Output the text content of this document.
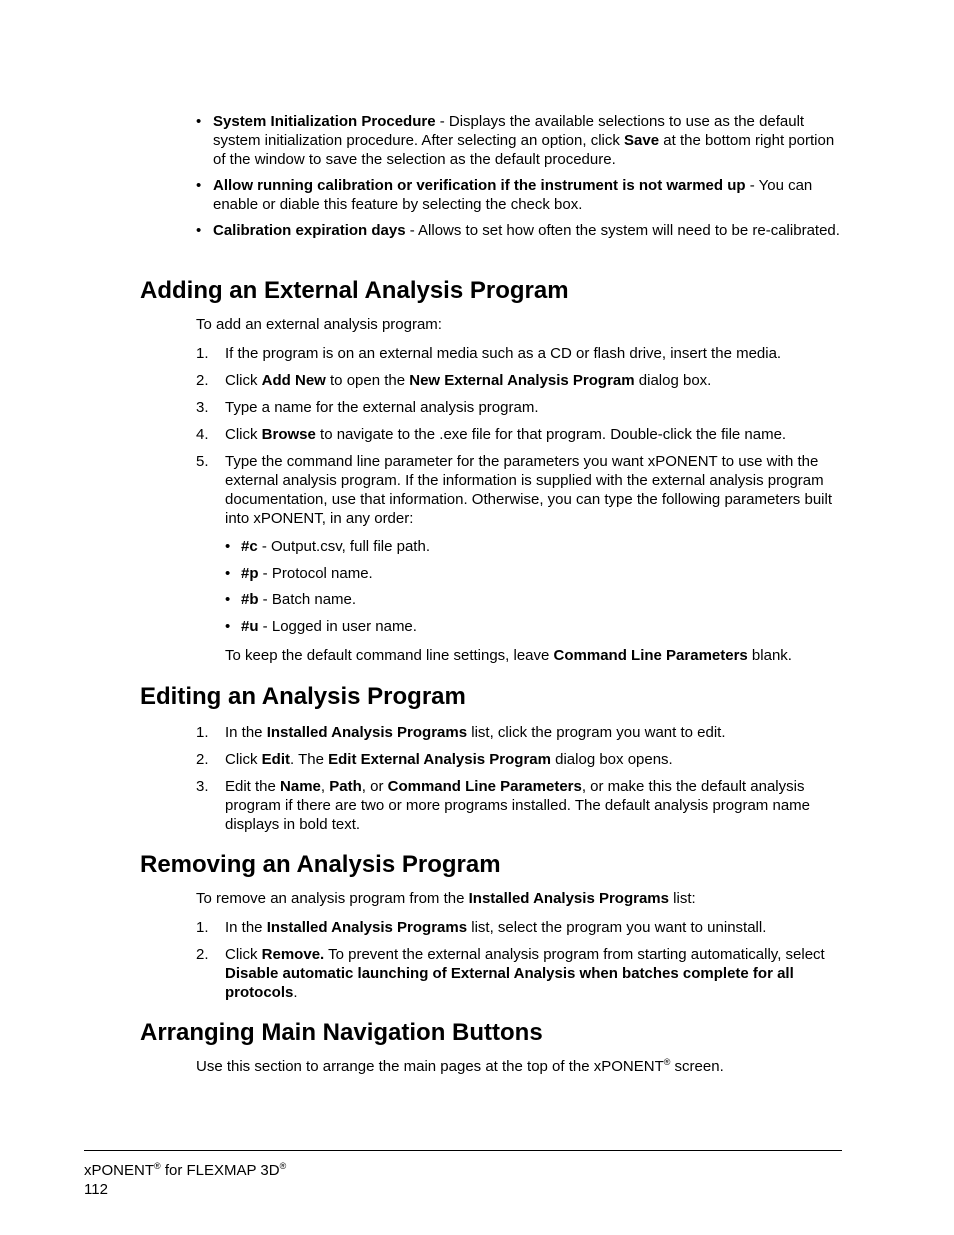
• System Initialization Procedure - Displays the available selections to use as the default system initialization procedure. After selecting an option, click Save at the bottom right portion of the window to save the selection as the default procedure.
• Allow running calibration or verification if the instrument is not warmed up - You can enable or diable this feature by selecting the check box.
• Calibration expiration days - Allows to set how often the system will need to be re-calibrated.
Adding an External Analysis Program

To add an external analysis program:

1. If the program is on an external media such as a CD or flash drive, insert the media.
2. Click Add New to open the New External Analysis Program dialog box.
3. Type a name for the external analysis program.
4. Click Browse to navigate to the .exe file for that program. Double-click the file name.
5. Type the command line parameter for the parameters you want xPONENT to use with the external analysis program. If the information is supplied with the external analysis program documentation, use that information. Otherwise, you can type the following parameters built into xPONENT, in any order:
• #c - Output.csv, full file path.
• #p - Protocol name.
• #b - Batch name.
• #u - Logged in user name.

To keep the default command line settings, leave Command Line Parameters blank.

Editing an Analysis Program
1. In the Installed Analysis Programs list, click the program you want to edit.
2. Click Edit. The Edit External Analysis Program dialog box opens.
3. Edit the Name, Path, or Command Line Parameters, or make this the default analysis program if there are two or more programs installed. The default analysis program name displays in bold text.
Removing an Analysis Program

To remove an analysis program from the Installed Analysis Programs list:

1. In the Installed Analysis Programs list, select the program you want to uninstall.
2. Click Remove. To prevent the external analysis program from starting automatically, select Disable automatic launching of External Analysis when batches complete for all protocols.
Arranging Main Navigation Buttons

Use this section to arrange the main pages at the top of the xPONENT® screen.

xPONENT® for FLEXMAP 3D®
112
